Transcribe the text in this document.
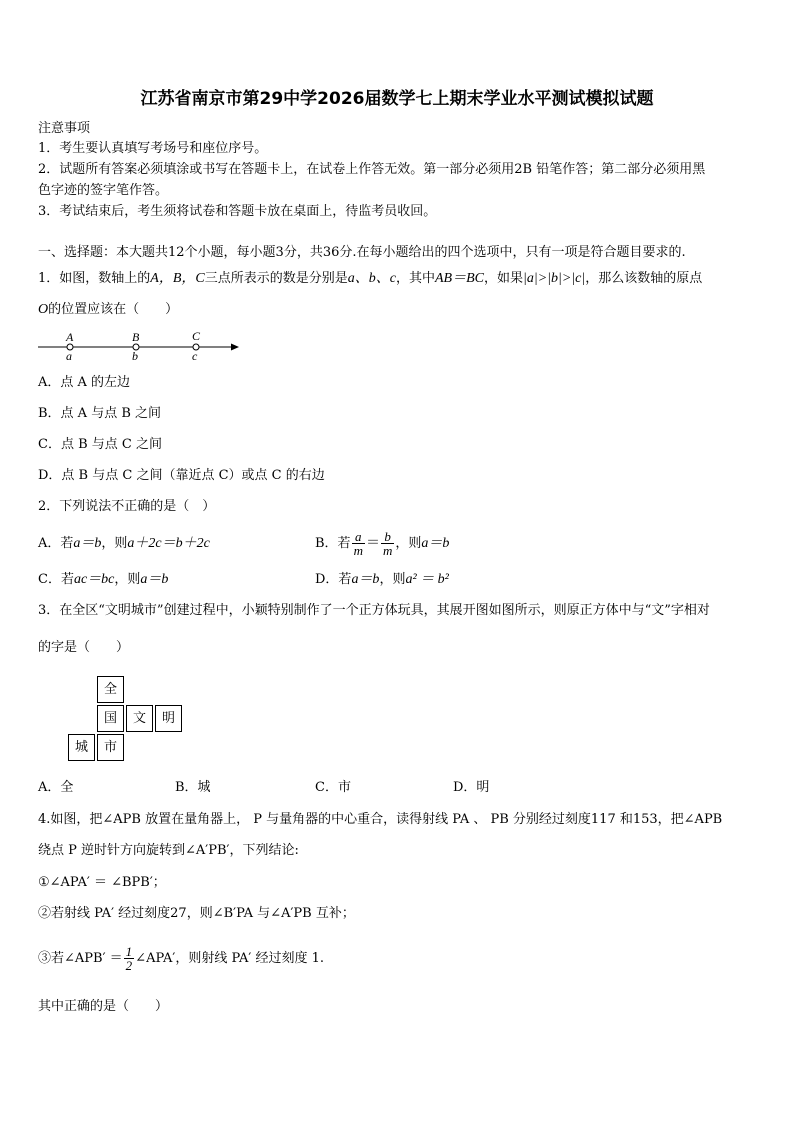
江苏省南京市第29中学2026届数学七上期末学业水平测试模拟试题
注意事项
1．考生要认真填写考场号和座位序号。
2．试题所有答案必须填涂或书写在答题卡上，在试卷上作答无效。第一部分必须用2B 铅笔作答；第二部分必须用黑
色字迹的签字笔作答。
3．考试结束后，考生须将试卷和答题卡放在桌面上，待监考员收回。
一、选择题：本大题共12个小题，每小题3分，共36分.在每小题给出的四个选项中，只有一项是符合题目要求的.
1．如图，数轴上的A，B，C三点所表示的数是分别是a、b、c，其中AB＝BC，如果|a|>|b|>|c|，那么该数轴的原点
O的位置应该在（　　）
A	B	C
a	b	c
A．点 A 的左边
B．点 A 与点 B 之间
C．点 B 与点 C 之间
D．点 B 与点 C 之间（靠近点 C）或点 C 的右边
2．下列说法不正确的是（　）
A．若a＝b，则a＋2c＝b＋2c	B．若 $\frac{a}{m} = \frac{b}{m}$ ，则a＝b
C．若ac＝bc，则a＝b	D．若a＝b，则a² ＝ b²
3．在全区“文明城市”创建过程中，小颖特别制作了一个正方体玩具，其展开图如图所示，则原正方体中与“文”字相对
的字是（　　）
全
国	文	明
城	市
A．全	B．城	C．市	D．明
4.如图，把∠APB 放置在量角器上， P 与量角器的中心重合，读得射线 PA 、 PB 分别经过刻度117 和153，把∠APB
绕点 P 逆时针方向旋转到∠A′PB′，下列结论:
①∠APA′ ＝ ∠BPB′；
②若射线 PA′ 经过刻度27，则∠B′PA 与∠A′PB 互补；
③若∠APB′ ＝ $\frac{1}{2}$ ∠APA′，则射线 PA′ 经过刻度 1.
其中正确的是（　　）
